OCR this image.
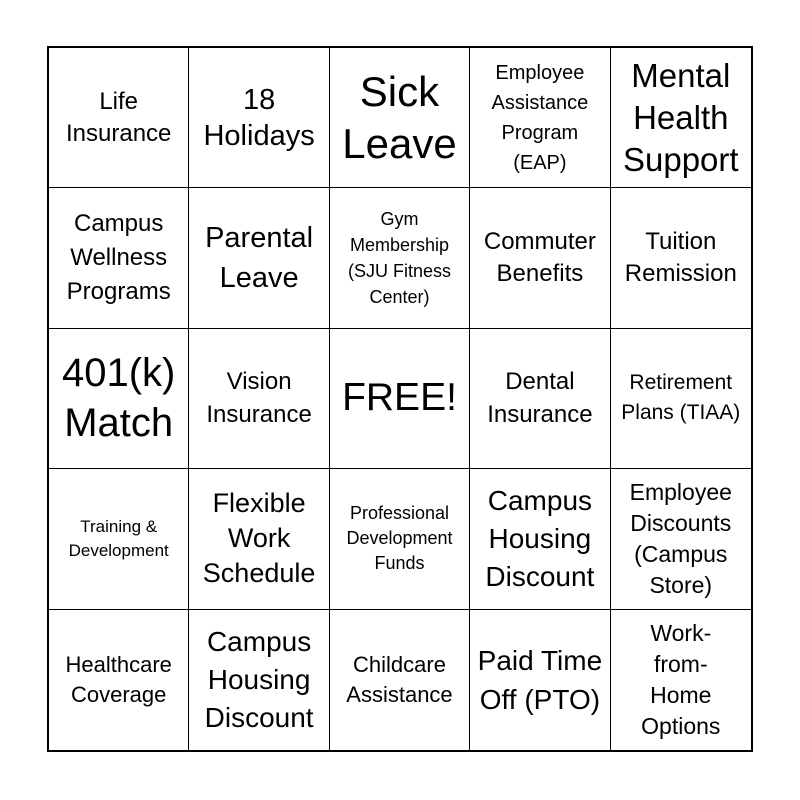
Life Insurance
18 Holidays
Sick Leave
Employee Assistance Program (EAP)
Mental Health Support
Campus Wellness Programs
Parental Leave
Gym Membership (SJU Fitness Center)
Commuter Benefits
Tuition Remission
401(k) Match
Vision Insurance FREE!	Dental Insurance
Retirement Plans (TIAA)
Training & Development
Flexible Work Schedule
Professional Development Funds
Campus Housing Discount
Employee Discounts (Campus Store)
Healthcare Coverage
Campus Housing Discount
Childcare Assistance
Paid Time Off (PTO)
Work-from-Home Options
